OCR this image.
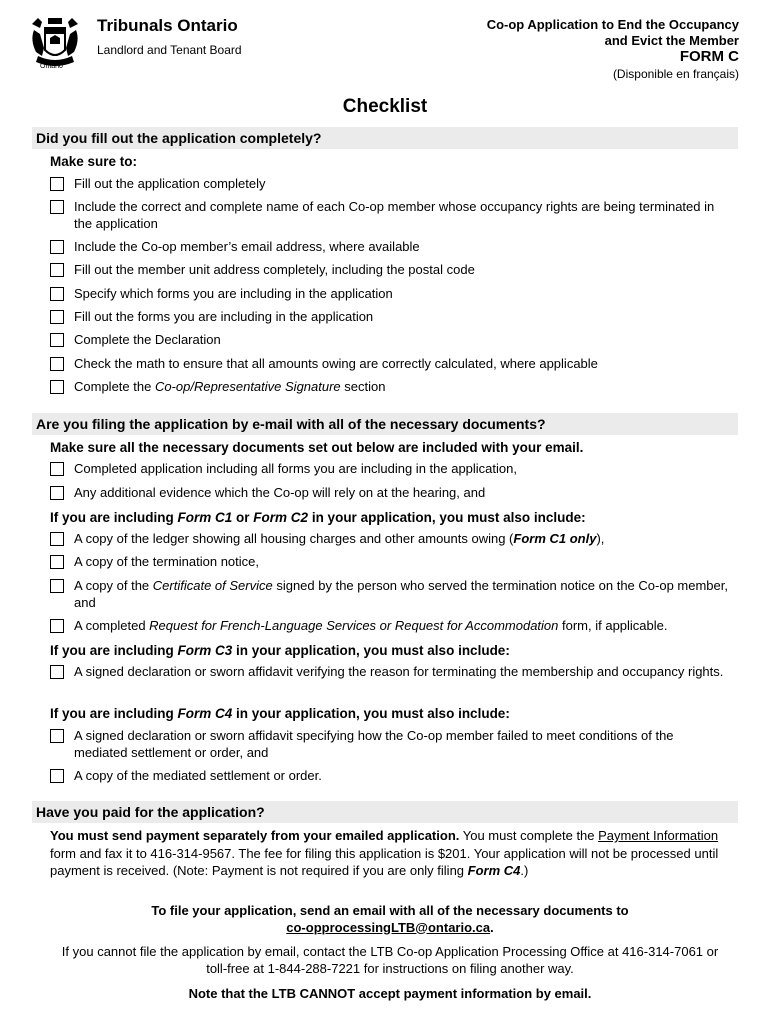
Ontario
Tribunals Ontario
Landlord and Tenant Board
Co-op Application to End the Occupancy
and Evict the Member
FORM C
(Disponible en français)
Checklist
Did you fill out the application completely?
Make sure to:
Fill out the application completely
Include the correct and complete name of each Co-op member whose occupancy rights are being terminated in the application
Include the Co-op member’s email address, where available
Fill out the member unit address completely, including the postal code
Specify which forms you are including in the application
Fill out the forms you are including in the application
Complete the Declaration
Check the math to ensure that all amounts owing are correctly calculated, where applicable
Complete the Co-op/Representative Signature section
Are you filing the application by e-mail with all of the necessary documents?
Make sure all the necessary documents set out below are included with your email.
Completed application including all forms you are including in the application,
Any additional evidence which the Co-op will rely on at the hearing, and
If you are including Form C1 or Form C2 in your application, you must also include:
A copy of the ledger showing all housing charges and other amounts owing (Form C1 only),
A copy of the termination notice,
A copy of the Certificate of Service signed by the person who served the termination notice on the Co-op member, and
A completed Request for French-Language Services or Request for Accommodation form, if applicable.
If you are including Form C3 in your application, you must also include:
A signed declaration or sworn affidavit verifying the reason for terminating the membership and occupancy rights.
If you are including Form C4 in your application, you must also include:
A signed declaration or sworn affidavit specifying how the Co-op member failed to meet conditions of the mediated settlement or order, and
A copy of the mediated settlement or order.
Have you paid for the application?
You must send payment separately from your emailed application. You must complete the Payment Information form and fax it to 416-314-9567. The fee for filing this application is $201. Your application will not be processed until payment is received. (Note: Payment is not required if you are only filing Form C4.)
To file your application, send an email with all of the necessary documents to
co-opprocessingLTB@ontario.ca.
If you cannot file the application by email, contact the LTB Co-op Application Processing Office at 416-314-7061 or toll-free at 1-844-288-7221 for instructions on filing another way.
Note that the LTB CANNOT accept payment information by email.
